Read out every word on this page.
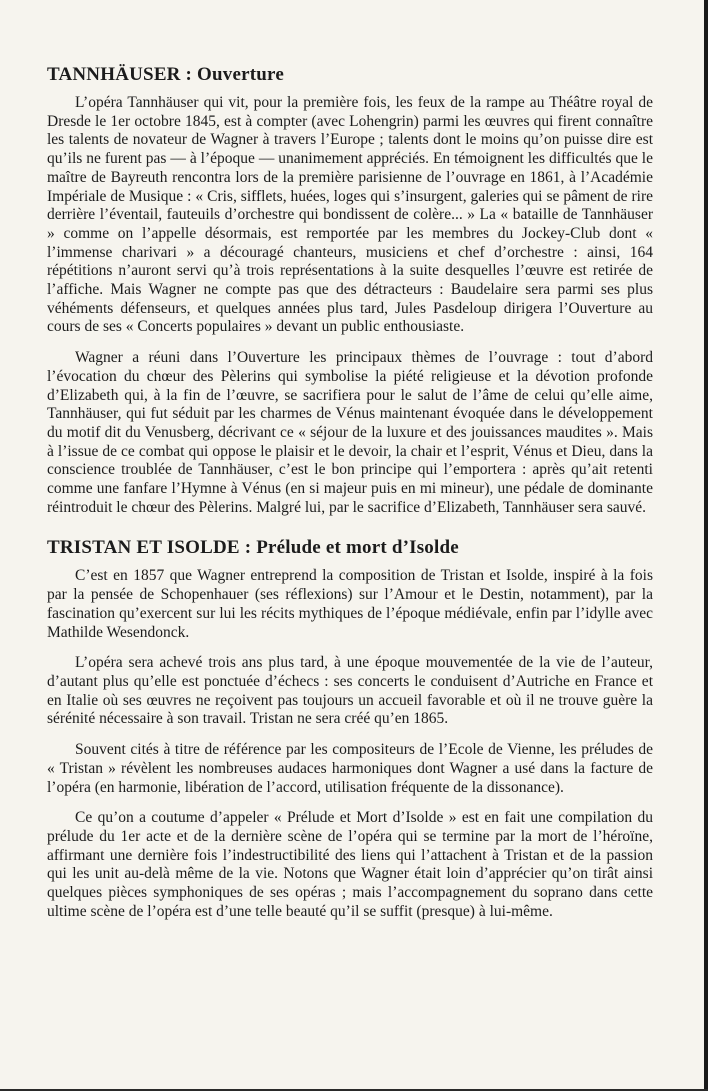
TANNHÄUSER : Ouverture

L’opéra Tannhäuser qui vit, pour la première fois, les feux de la rampe au Théâtre royal de Dresde le 1er octobre 1845, est à compter (avec Lohengrin) parmi les œuvres qui firent connaître les talents de novateur de Wagner à travers l’Europe ; talents dont le moins qu’on puisse dire est qu’ils ne furent pas — à l’époque — unanimement appréciés. En témoignent les difficultés que le maître de Bayreuth rencontra lors de la première parisienne de l’ouvrage en 1861, à l’Académie Impériale de Musique : « Cris, sifflets, huées, loges qui s’insurgent, galeries qui se pâment de rire derrière l’éventail, fauteuils d’orchestre qui bondissent de colère... » La « bataille de Tannhäuser » comme on l’appelle désormais, est remportée par les membres du Jockey-Club dont « l’immense charivari » a découragé chanteurs, musiciens et chef d’orchestre : ainsi, 164 répétitions n’auront servi qu’à trois représentations à la suite desquelles l’œuvre est retirée de l’affiche. Mais Wagner ne compte pas que des détracteurs : Baudelaire sera parmi ses plus véhéments défenseurs, et quelques années plus tard, Jules Pasdeloup dirigera l’Ouverture au cours de ses « Concerts populaires » devant un public enthousiaste.

Wagner a réuni dans l’Ouverture les principaux thèmes de l’ouvrage : tout d’abord l’évocation du chœur des Pèlerins qui symbolise la piété religieuse et la dévotion profonde d’Elizabeth qui, à la fin de l’œuvre, se sacrifiera pour le salut de l’âme de celui qu’elle aime, Tannhäuser, qui fut séduit par les charmes de Vénus maintenant évoquée dans le développement du motif dit du Venusberg, décrivant ce « séjour de la luxure et des jouissances maudites ». Mais à l’issue de ce combat qui oppose le plaisir et le devoir, la chair et l’esprit, Vénus et Dieu, dans la conscience troublée de Tannhäuser, c’est le bon principe qui l’emportera : après qu’ait retenti comme une fanfare l’Hymne à Vénus (en si majeur puis en mi mineur), une pédale de dominante réintroduit le chœur des Pèlerins. Malgré lui, par le sacrifice d’Elizabeth, Tannhäuser sera sauvé.

TRISTAN ET ISOLDE : Prélude et mort d’Isolde

C’est en 1857 que Wagner entreprend la composition de Tristan et Isolde, inspiré à la fois par la pensée de Schopenhauer (ses réflexions) sur l’Amour et le Destin, notamment), par la fascination qu’exercent sur lui les récits mythiques de l’époque médiévale, enfin par l’idylle avec Mathilde Wesendonck.

L’opéra sera achevé trois ans plus tard, à une époque mouvementée de la vie de l’auteur, d’autant plus qu’elle est ponctuée d’échecs : ses concerts le conduisent d’Autriche en France et en Italie où ses œuvres ne reçoivent pas toujours un accueil favorable et où il ne trouve guère la sérénité nécessaire à son travail. Tristan ne sera créé qu’en 1865.

Souvent cités à titre de référence par les compositeurs de l’Ecole de Vienne, les préludes de « Tristan » révèlent les nombreuses audaces harmoniques dont Wagner a usé dans la facture de l’opéra (en harmonie, libération de l’accord, utilisation fréquente de la dissonance).

Ce qu’on a coutume d’appeler « Prélude et Mort d’Isolde » est en fait une compilation du prélude du 1er acte et de la dernière scène de l’opéra qui se termine par la mort de l’héroïne, affirmant une dernière fois l’indestructibilité des liens qui l’attachent à Tristan et de la passion qui les unit au-delà même de la vie. Notons que Wagner était loin d’apprécier qu’on tirât ainsi quelques pièces symphoniques de ses opéras ; mais l’accompagnement du soprano dans cette ultime scène de l’opéra est d’une telle beauté qu’il se suffit (presque) à lui-même.
